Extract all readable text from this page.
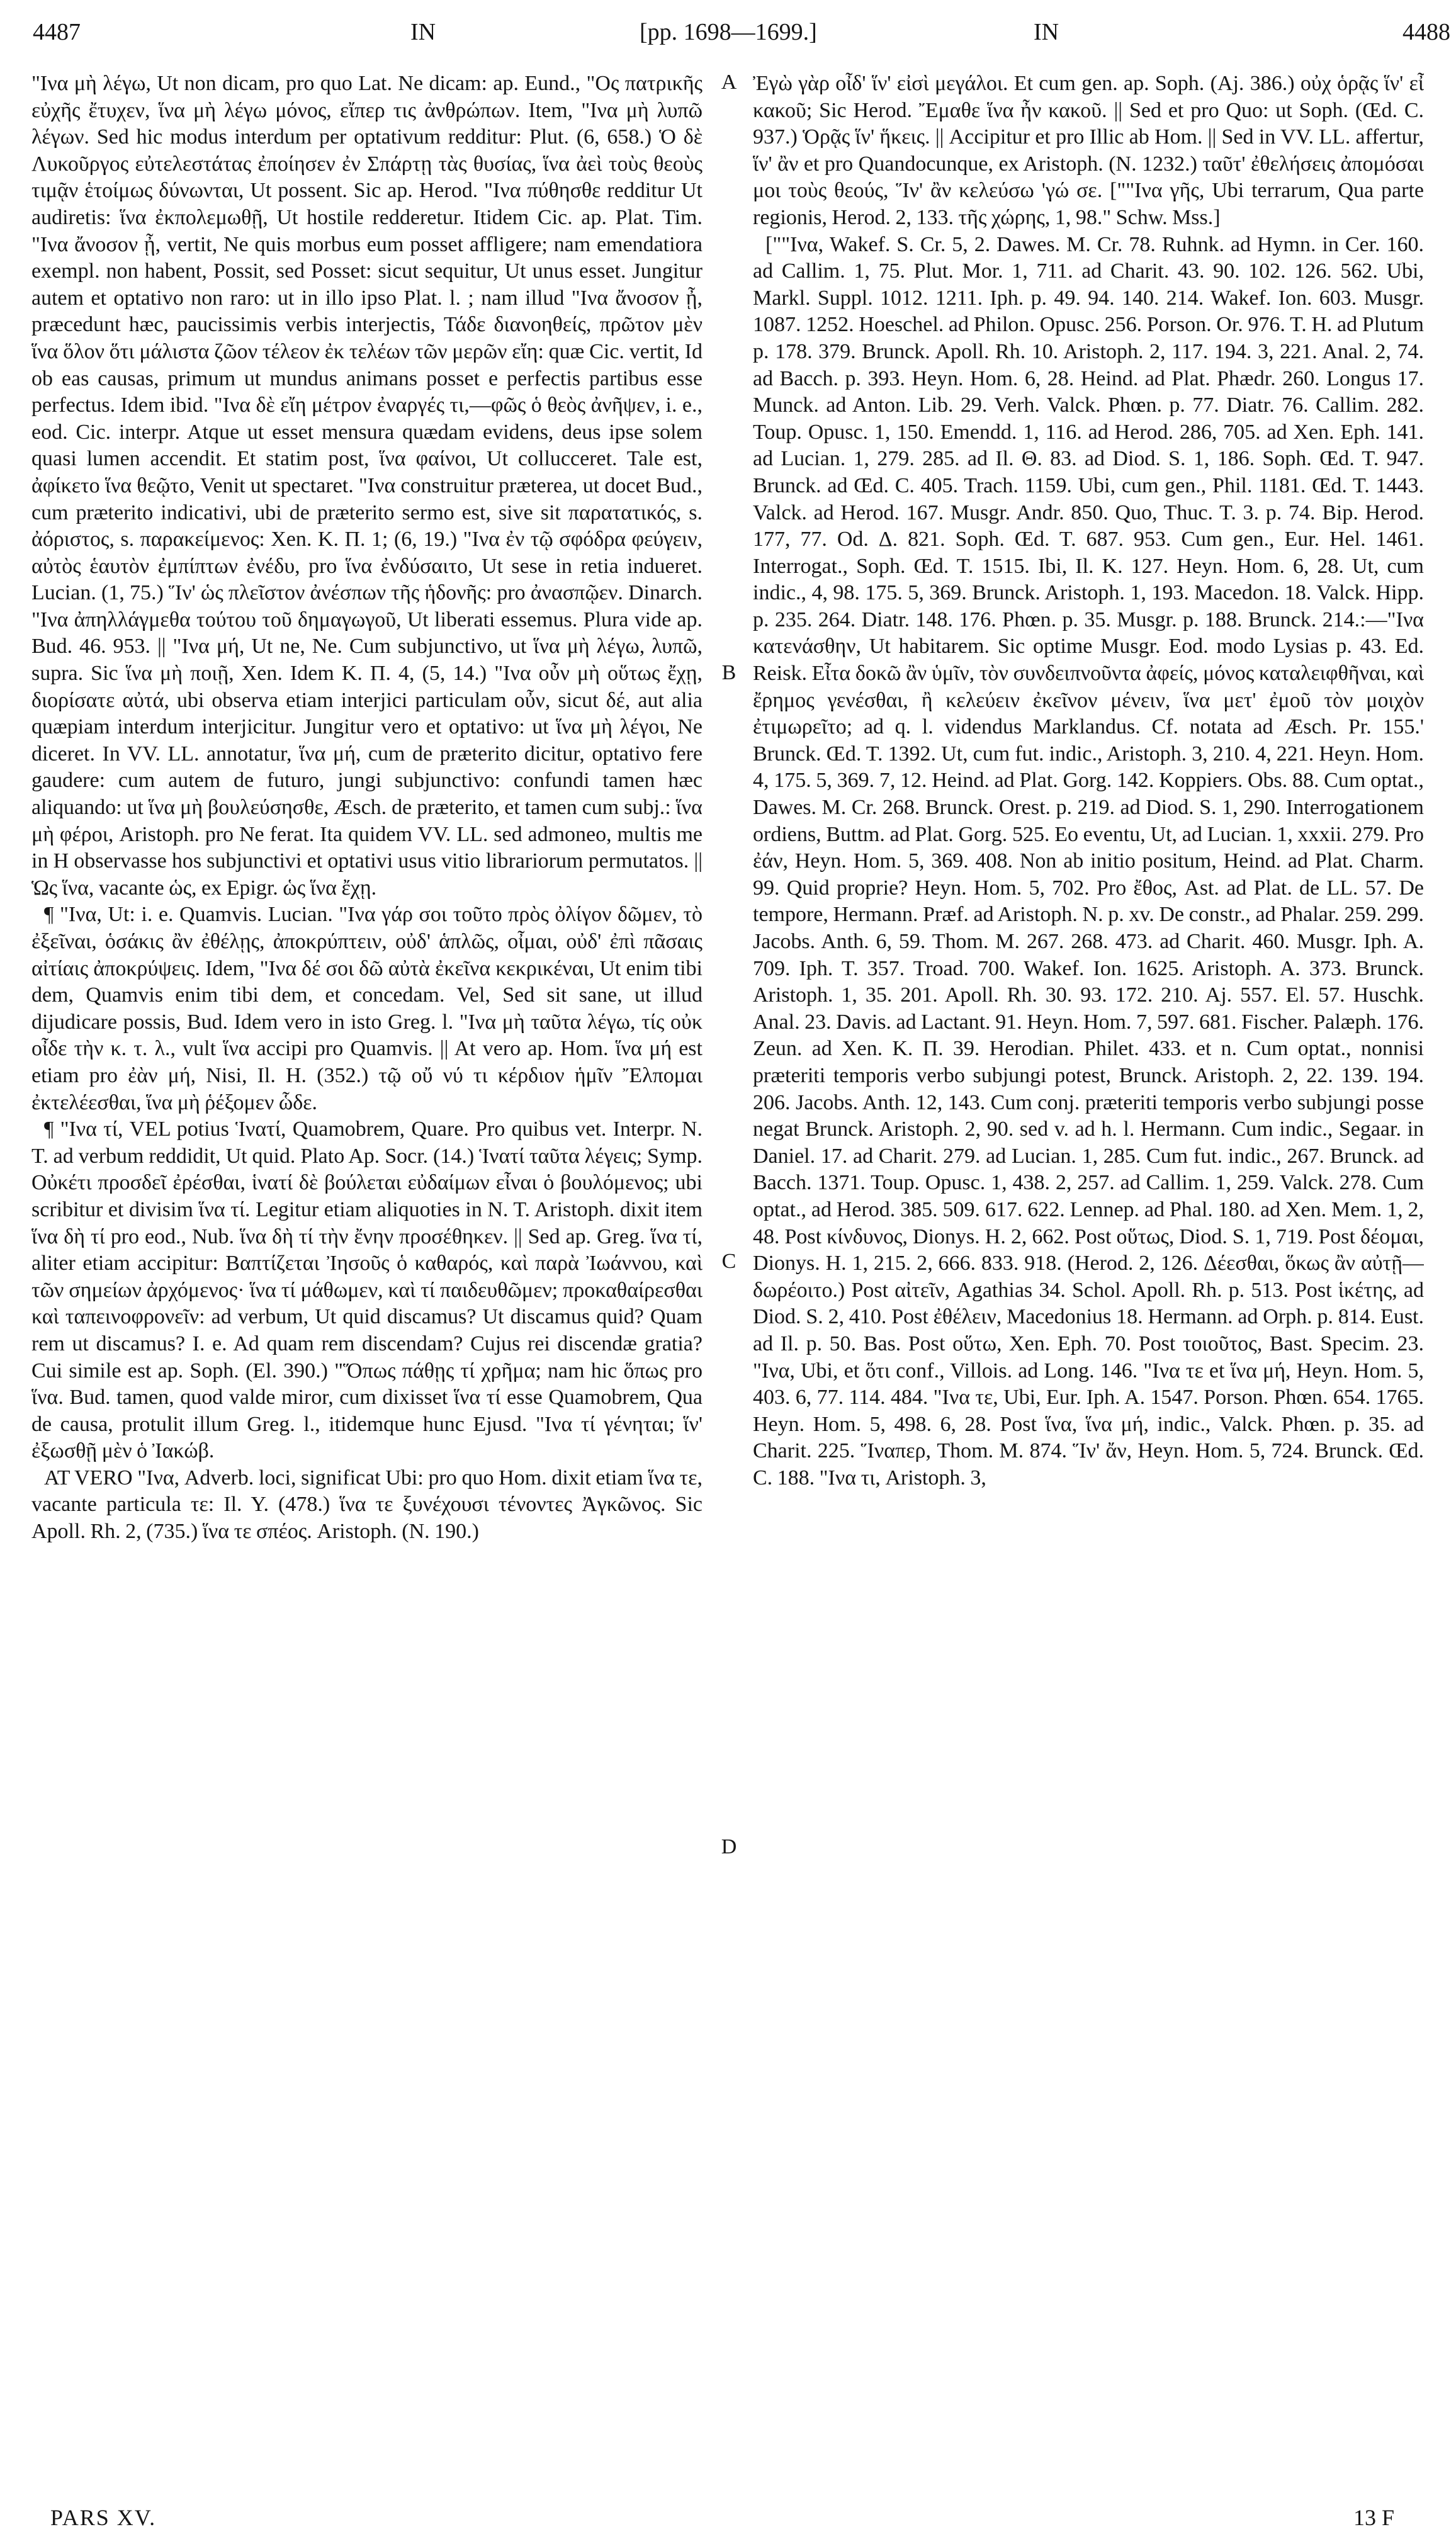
4487	IN	[pp. 1698—1699.]	IN	4488

"Ινα μὴ λέγω, Ut non dicam, pro quo Lat. Ne dicam: ap. Eund., "Ος πατρικῆς εὐχῆς ἔτυχεν, ἵνα μὴ λέγω μόνος, εἴπερ τις ἀνθρώπων. Item, "Ινα μὴ λυπῶ λέγων. Sed hic modus interdum per optativum redditur: Plut. (6, 658.) Ὁ δὲ Λυκοῦργος εὐτελεστάτας ἐποίησεν ἐν Σπάρτῃ τὰς θυσίας, ἵνα ἀεὶ τοὺς θεοὺς τιμᾷν ἑτοίμως δύνωνται, Ut possent. Sic ap. Herod. "Ινα πύθησθε redditur Ut audiretis: ἵνα ἐκπολεμωθῇ, Ut hostile redderetur. Itidem Cic. ap. Plat. Tim. "Ινα ἄνοσον ᾖ, vertit, Ne quis morbus eum posset affligere; nam emendatiora exempl. non habent, Possit, sed Posset: sicut sequitur, Ut unus esset. Jungitur autem et optativo non raro: ut in illo ipso Plat. l. ; nam illud "Ινα ἄνοσον ᾖ, præcedunt hæc, paucissimis verbis interjectis, Τάδε διανοηθείς, πρῶτον μὲν ἵνα ὅλον ὅτι μάλιστα ζῶον τέλεον ἐκ τελέων τῶν μερῶν εἴη: quæ Cic. vertit, Id ob eas causas, primum ut mundus animans posset e perfectis partibus esse perfectus. Idem ibid. "Ινα δὲ εἴη μέτρον ἐναργές τι,—φῶς ὁ θεὸς ἀνῆψεν, i. e., eod. Cic. interpr. Atque ut esset mensura quædam evidens, deus ipse solem quasi lumen accendit. Et statim post, ἵνα φαίνοι, Ut collucceret. Tale est, ἀφίκετο ἵνα θεῷτο, Venit ut spectaret. "Ινα construitur præterea, ut docet Bud., cum præterito indicativi, ubi de præterito sermo est, sive sit παρατατικός, s. ἀόριστος, s. παρακείμενος: Xen. K. Π. 1; (6, 19.) "Ινα ἐν τῷ σφόδρα φεύγειν, αὐτὸς ἑαυτὸν ἐμπίπτων ἐνέδυ, pro ἵνα ἐνδύσαιτο, Ut sese in retia indueret. Lucian. (1, 75.) Ἵν' ὡς πλεῖστον ἀνέσπων τῆς ἡδονῆς: pro ἀνασπῷεν. Dinarch. "Ινα ἀπηλλάγμεθα τούτου τοῦ δημαγωγοῦ, Ut liberati essemus. Plura vide ap. Bud. 46. 953. || "Ινα μή, Ut ne, Ne. Cum subjunctivo, ut ἵνα μὴ λέγω, λυπῶ, supra. Sic ἵνα μὴ ποιῇ, Xen. Idem K. Π. 4, (5, 14.) "Ινα οὖν μὴ οὕτως ἔχῃ, διορίσατε αὐτά, ubi observa etiam interjici particulam οὖν, sicut δέ, aut alia quæpiam interdum interjicitur. Jungitur vero et optativo: ut ἵνα μὴ λέγοι, Ne diceret. In VV. LL. annotatur, ἵνα μή, cum de præterito dicitur, optativo fere gaudere: cum autem de futuro, jungi subjunctivo: confundi tamen hæc aliquando: ut ἵνα μὴ βουλεύσησθε, Æsch. de præterito, et tamen cum subj.: ἵνα μὴ φέροι, Aristoph. pro Ne ferat. Ita quidem VV. LL. sed admoneo, multis me in H observasse hos subjunctivi et optativi usus vitio librariorum permutatos. || Ὡς ἵνα, vacante ὡς, ex Epigr. ὡς ἵνα ἔχῃ.

¶ "Ινα, Ut: i. e. Quamvis. Lucian. "Ινα γάρ σοι τοῦτο πρὸς ὀλίγον δῶμεν, τὸ ἐξεῖναι, ὁσάκις ἂν ἐθέλῃς, ἀποκρύπτειν, οὐδ' ἁπλῶς, οἶμαι, οὐδ' ἐπὶ πᾶσαις αἰτίαις ἀποκρύψεις. Idem, "Ινα δέ σοι δῶ αὐτὰ ἐκεῖνα κεκρικέναι, Ut enim tibi dem, Quamvis enim tibi dem, et concedam. Vel, Sed sit sane, ut illud dijudicare possis, Bud. Idem vero in isto Greg. l. "Ινα μὴ ταῦτα λέγω, τίς οὐκ οἶδε τὴν κ. τ. λ., vult ἵνα accipi pro Quamvis. || At vero ap. Hom. ἵνα μή est etiam pro ἐὰν μή, Nisi, Il. H. (352.) τῷ οὔ νύ τι κέρδιον ἡμῖν Ἔλπομαι ἐκτελέεσθαι, ἵνα μὴ ῥέξομεν ὧδε.

¶ "Ινα τί, VEL potius Ἱνατί, Quamobrem, Quare. Pro quibus vet. Interpr. N. T. ad verbum reddidit, Ut quid. Plato Ap. Socr. (14.) Ἱνατί ταῦτα λέγεις; Symp. Οὐκέτι προσδεῖ ἐρέσθαι, ἱνατί δὲ βούλεται εὐδαίμων εἶναι ὁ βουλόμενος; ubi scribitur et divisim ἵνα τί. Legitur etiam aliquoties in N. T. Aristoph. dixit item ἵνα δὴ τί pro eod., Nub. ἵνα δὴ τί τὴν ἔνην προσέθηκεν. || Sed ap. Greg. ἵνα τί, aliter etiam accipitur: Βαπτίζεται Ἰησοῦς ὁ καθαρός, καὶ παρὰ Ἰωάννου, καὶ τῶν σημείων ἀρχόμενος· ἵνα τί μάθωμεν, καὶ τί παιδευθῶμεν; προκαθαίρεσθαι καὶ ταπεινοφρονεῖν: ad verbum, Ut quid discamus? Ut discamus quid? Quam rem ut discamus? I. e. Ad quam rem discendam? Cujus rei discendæ gratia? Cui simile est ap. Soph. (El. 390.) "Ὅπως πάθῃς τί χρῆμα; nam hic ὅπως pro ἵνα. Bud. tamen, quod valde miror, cum dixisset ἵνα τί esse Quamobrem, Qua de causa, protulit illum Greg. l., itidemque hunc Ejusd. "Ινα τί γένηται; ἵν' ἐξωσθῇ μὲν ὁ Ἰακώβ.

AT VERO "Ινα, Adverb. loci, significat Ubi: pro quo Hom. dixit etiam ἵνα τε, vacante particula τε: Il. Y. (478.) ἵνα τε ξυνέχουσι τένοντες Ἀγκῶνος. Sic Apoll. Rh. 2, (735.) ἵνα τε σπέος. Aristoph. (N. 190.)

A
B
C
D

Ἐγὼ γὰρ οἶδ' ἵν' εἰσὶ μεγάλοι. Et cum gen. ap. Soph. (Aj. 386.) οὐχ ὁρᾷς ἵν' εἶ κακοῦ; Sic Herod. Ἔμαθε ἵνα ἦν κακοῦ. || Sed et pro Quo: ut Soph. (Œd. C. 937.) Ὁρᾷς ἵν' ἥκεις. || Accipitur et pro Illic ab Hom. || Sed in VV. LL. affertur, ἵν' ἂν et pro Quandocunque, ex Aristoph. (N. 1232.) ταῦτ' ἐθελήσεις ἀπομόσαι μοι τοὺς θεούς, Ἵν' ἂν κελεύσω 'γώ σε. [""Ινα γῆς, Ubi terrarum, Qua parte regionis, Herod. 2, 133. τῆς χώρης, 1, 98." Schw. Mss.]

[""Ινα, Wakef. S. Cr. 5, 2. Dawes. M. Cr. 78. Ruhnk. ad Hymn. in Cer. 160. ad Callim. 1, 75. Plut. Mor. 1, 711. ad Charit. 43. 90. 102. 126. 562. Ubi, Markl. Suppl. 1012. 1211. Iph. p. 49. 94. 140. 214. Wakef. Ion. 603. Musgr. 1087. 1252. Hoeschel. ad Philon. Opusc. 256. Porson. Or. 976. T. H. ad Plutum p. 178. 379. Brunck. Apoll. Rh. 10. Aristoph. 2, 117. 194. 3, 221. Anal. 2, 74. ad Bacch. p. 393. Heyn. Hom. 6, 28. Heind. ad Plat. Phædr. 260. Longus 17. Munck. ad Anton. Lib. 29. Verh. Valck. Phœn. p. 77. Diatr. 76. Callim. 282. Toup. Opusc. 1, 150. Emendd. 1, 116. ad Herod. 286, 705. ad Xen. Eph. 141. ad Lucian. 1, 279. 285. ad Il. Θ. 83. ad Diod. S. 1, 186. Soph. Œd. T. 947. Brunck. ad Œd. C. 405. Trach. 1159. Ubi, cum gen., Phil. 1181. Œd. T. 1443. Valck. ad Herod. 167. Musgr. Andr. 850. Quo, Thuc. T. 3. p. 74. Bip. Herod. 177, 77. Od. Δ. 821. Soph. Œd. T. 687. 953. Cum gen., Eur. Hel. 1461. Interrogat., Soph. Œd. T. 1515. Ibi, Il. K. 127. Heyn. Hom. 6, 28. Ut, cum indic., 4, 98. 175. 5, 369. Brunck. Aristoph. 1, 193. Macedon. 18. Valck. Hipp. p. 235. 264. Diatr. 148. 176. Phœn. p. 35. Musgr. p. 188. Brunck. 214.:—"Ινα κατενάσθην, Ut habitarem. Sic optime Musgr. Eod. modo Lysias p. 43. Ed. Reisk. Εἶτα δοκῶ ἂν ὑμῖν, τὸν συνδειπνοῦντα ἀφείς, μόνος καταλειφθῆναι, καὶ ἔρημος γενέσθαι, ἢ κελεύειν ἐκεῖνον μένειν, ἵνα μετ' ἐμοῦ τὸν μοιχὸν ἐτιμωρεῖτο; ad q. l. videndus Marklandus. Cf. notata ad Æsch. Pr. 155.' Brunck. Œd. T. 1392. Ut, cum fut. indic., Aristoph. 3, 210. 4, 221. Heyn. Hom. 4, 175. 5, 369. 7, 12. Heind. ad Plat. Gorg. 142. Koppiers. Obs. 88. Cum optat., Dawes. M. Cr. 268. Brunck. Orest. p. 219. ad Diod. S. 1, 290. Interrogationem ordiens, Buttm. ad Plat. Gorg. 525. Eo eventu, Ut, ad Lucian. 1, xxxii. 279. Pro ἐάν, Heyn. Hom. 5, 369. 408. Non ab initio positum, Heind. ad Plat. Charm. 99. Quid proprie? Heyn. Hom. 5, 702. Pro ἔθος, Ast. ad Plat. de LL. 57. De tempore, Hermann. Præf. ad Aristoph. N. p. xv. De constr., ad Phalar. 259. 299. Jacobs. Anth. 6, 59. Thom. M. 267. 268. 473. ad Charit. 460. Musgr. Iph. A. 709. Iph. T. 357. Troad. 700. Wakef. Ion. 1625. Aristoph. A. 373. Brunck. Aristoph. 1, 35. 201. Apoll. Rh. 30. 93. 172. 210. Aj. 557. El. 57. Huschk. Anal. 23. Davis. ad Lactant. 91. Heyn. Hom. 7, 597. 681. Fischer. Palæph. 176. Zeun. ad Xen. K. Π. 39. Herodian. Philet. 433. et n. Cum optat., nonnisi præteriti temporis verbo subjungi potest, Brunck. Aristoph. 2, 22. 139. 194. 206. Jacobs. Anth. 12, 143. Cum conj. præteriti temporis verbo subjungi posse negat Brunck. Aristoph. 2, 90. sed v. ad h. l. Hermann. Cum indic., Segaar. in Daniel. 17. ad Charit. 279. ad Lucian. 1, 285. Cum fut. indic., 267. Brunck. ad Bacch. 1371. Toup. Opusc. 1, 438. 2, 257. ad Callim. 1, 259. Valck. 278. Cum optat., ad Herod. 385. 509. 617. 622. Lennep. ad Phal. 180. ad Xen. Mem. 1, 2, 48. Post κίνδυνος, Dionys. H. 2, 662. Post οὕτως, Diod. S. 1, 719. Post δέομαι, Dionys. H. 1, 215. 2, 666. 833. 918. (Herod. 2, 126. Δέεσθαι, ὅκως ἂν αὐτῇ—δωρέοιτο.) Post αἰτεῖν, Agathias 34. Schol. Apoll. Rh. p. 513. Post ἱκέτης, ad Diod. S. 2, 410. Post ἐθέλειν, Macedonius 18. Hermann. ad Orph. p. 814. Eust. ad Il. p. 50. Bas. Post οὕτω, Xen. Eph. 70. Post τοιοῦτος, Bast. Specim. 23. "Ινα, Ubi, et ὅτι conf., Villois. ad Long. 146. "Ινα τε et ἵνα μή, Heyn. Hom. 5, 403. 6, 77. 114. 484. "Ινα τε, Ubi, Eur. Iph. A. 1547. Porson. Phœn. 654. 1765. Heyn. Hom. 5, 498. 6, 28. Post ἵνα, ἵνα μή, indic., Valck. Phœn. p. 35. ad Charit. 225. Ἵναπερ, Thom. M. 874. Ἵν' ἄν, Heyn. Hom. 5, 724. Brunck. Œd. C. 188. "Ινα τι, Aristoph. 3,

PARS XV.	13 F
